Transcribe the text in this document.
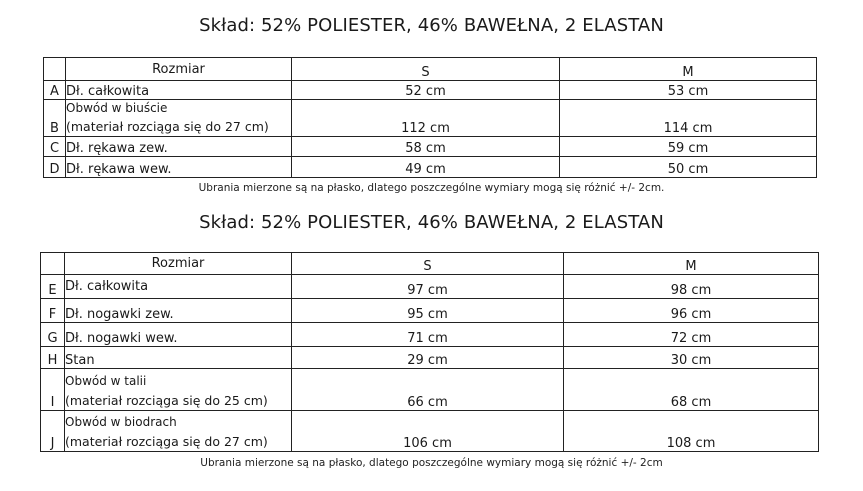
Skład: 52% POLIESTER, 46% BAWEŁNA, 2 ELASTAN
	Rozmiar	S	M
A	Dł. całkowita	52 cm	53 cm
B	Obwód w biuście
(materiał rozciąga się do 27 cm)	112 cm	114 cm
C	Dł. rękawa zew.	58 cm	59 cm
D	Dł. rękawa wew.	49 cm	50 cm
Ubrania mierzone są na płasko, dlatego poszczególne wymiary mogą się różnić +/- 2cm.
Skład: 52% POLIESTER, 46% BAWEŁNA, 2 ELASTAN
	Rozmiar	S	M
E	Dł. całkowita	97 cm	98 cm
F	Dł. nogawki zew.	95 cm	96 cm
G	Dł. nogawki wew.	71 cm	72 cm
H	Stan	29 cm	30 cm
I	Obwód w talii
(materiał rozciąga się do 25 cm)	66 cm	68 cm
J	Obwód w biodrach
(materiał rozciąga się do 27 cm)	106 cm	108 cm
Ubrania mierzone są na płasko, dlatego poszczególne wymiary mogą się różnić +/- 2cm
